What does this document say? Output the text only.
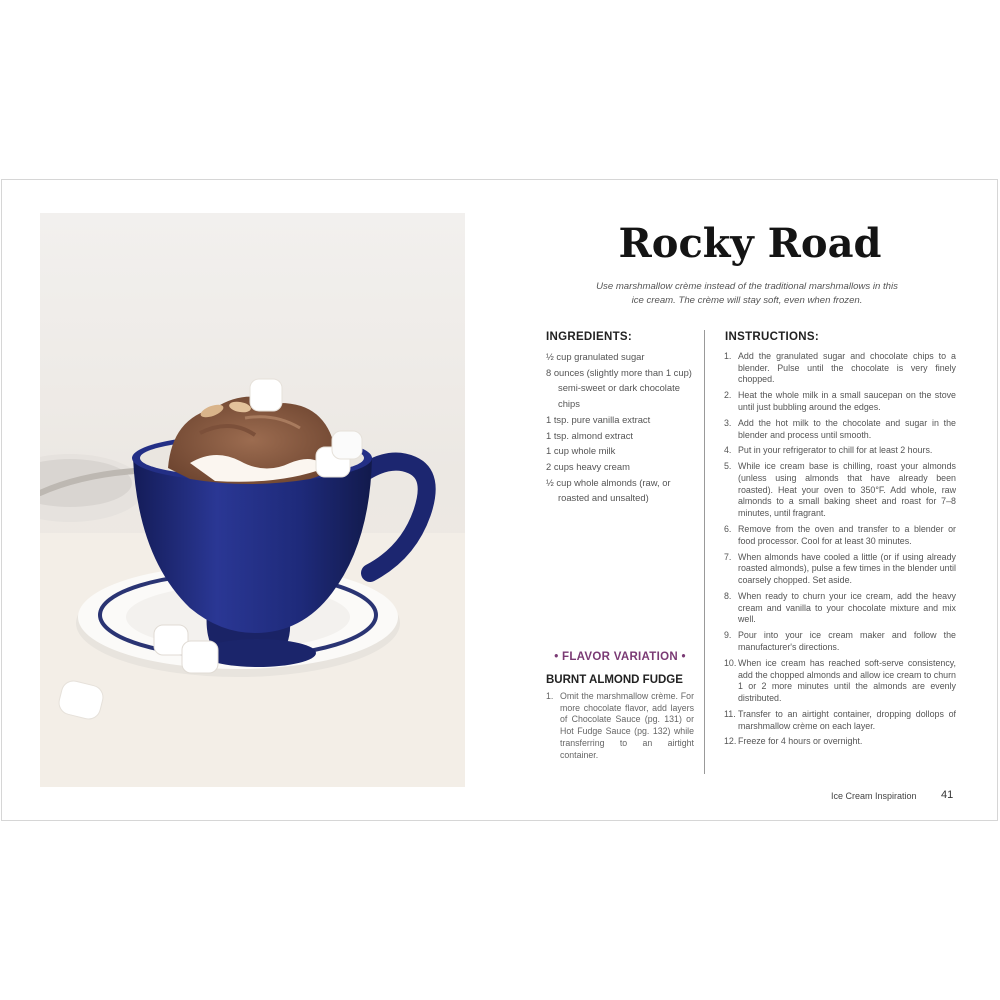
Rocky Road

Use marshmallow crème instead of the traditional marshmallows in this ice cream. The crème will stay soft, even when frozen.

INGREDIENTS:
½ cup granulated sugar
8 ounces (slightly more than 1 cup) semi-sweet or dark chocolate chips
1 tsp. pure vanilla extract
1 tsp. almond extract
1 cup whole milk
2 cups heavy cream
½ cup whole almonds (raw, or roasted and unsalted)
INSTRUCTIONS:
1. Add the granulated sugar and chocolate chips to a blender. Pulse until the chocolate is very finely chopped.
2. Heat the whole milk in a small saucepan on the stove until just bubbling around the edges.
3. Add the hot milk to the chocolate and sugar in the blender and process until smooth.
4. Put in your refrigerator to chill for at least 2 hours.
5. While ice cream base is chilling, roast your almonds (unless using almonds that have already been roasted). Heat your oven to 350°F. Add whole, raw almonds to a small baking sheet and roast for 7–8 minutes, until fragrant.
6. Remove from the oven and transfer to a blender or food processor. Cool for at least 30 minutes.
7. When almonds have cooled a little (or if using already roasted almonds), pulse a few times in the blender until coarsely chopped. Set aside.
8. When ready to churn your ice cream, add the heavy cream and vanilla to your chocolate mixture and mix well.
9. Pour into your ice cream maker and follow the manufacturer's directions.
10. When ice cream has reached soft-serve consistency, add the chopped almonds and allow ice cream to churn 1 or 2 more minutes until the almonds are evenly distributed.
11. Transfer to an airtight container, dropping dollops of marshmallow crème on each layer.
12. Freeze for 4 hours or overnight.
• FLAVOR VARIATION •
BURNT ALMOND FUDGE
1. Omit the marshmallow crème. For more chocolate flavor, add layers of Chocolate Sauce (pg. 131) or Hot Fudge Sauce (pg. 132) while transferring to an airtight container.

Ice Cream Inspiration 41
